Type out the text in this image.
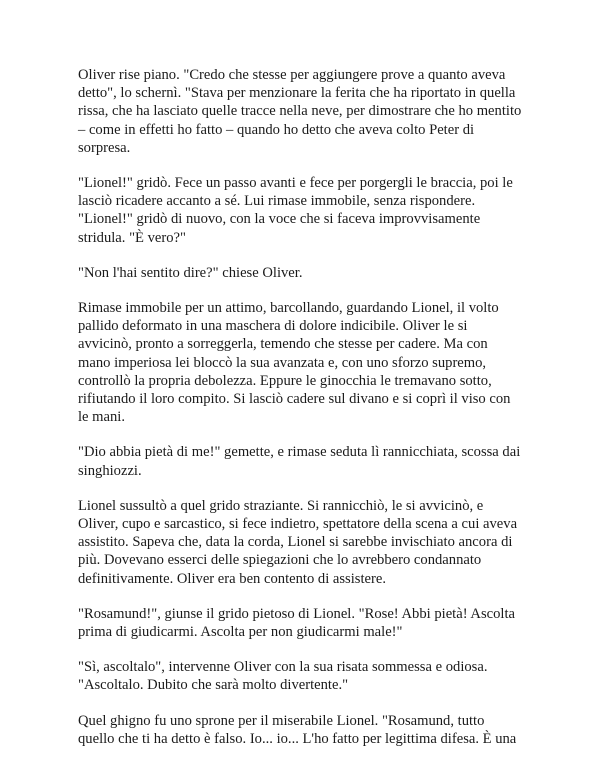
Oliver rise piano. "Credo che stesse per aggiungere prove a quanto aveva
detto", lo schernì. "Stava per menzionare la ferita che ha riportato in quella
rissa, che ha lasciato quelle tracce nella neve, per dimostrare che ho mentito
– come in effetti ho fatto – quando ho detto che aveva colto Peter di
sorpresa.

"Lionel!" gridò. Fece un passo avanti e fece per porgergli le braccia, poi le
lasciò ricadere accanto a sé. Lui rimase immobile, senza rispondere.
"Lionel!" gridò di nuovo, con la voce che si faceva improvvisamente
stridula. "È vero?"

"Non l'hai sentito dire?" chiese Oliver.

Rimase immobile per un attimo, barcollando, guardando Lionel, il volto
pallido deformato in una maschera di dolore indicibile. Oliver le si
avvicinò, pronto a sorreggerla, temendo che stesse per cadere. Ma con
mano imperiosa lei bloccò la sua avanzata e, con uno sforzo supremo,
controllò la propria debolezza. Eppure le ginocchia le tremavano sotto,
rifiutando il loro compito. Si lasciò cadere sul divano e si coprì il viso con
le mani.

"Dio abbia pietà di me!" gemette, e rimase seduta lì rannicchiata, scossa dai
singhiozzi.

Lionel sussultò a quel grido straziante. Si rannicchiò, le si avvicinò, e
Oliver, cupo e sarcastico, si fece indietro, spettatore della scena a cui aveva
assistito. Sapeva che, data la corda, Lionel si sarebbe invischiato ancora di
più. Dovevano esserci delle spiegazioni che lo avrebbero condannato
definitivamente. Oliver era ben contento di assistere.

"Rosamund!", giunse il grido pietoso di Lionel. "Rose! Abbi pietà! Ascolta
prima di giudicarmi. Ascolta per non giudicarmi male!"

"Sì, ascoltalo", intervenne Oliver con la sua risata sommessa e odiosa.
"Ascoltalo. Dubito che sarà molto divertente."

Quel ghigno fu uno sprone per il miserabile Lionel. "Rosamund, tutto
quello che ti ha detto è falso. Io... io... L'ho fatto per legittima difesa. È una
